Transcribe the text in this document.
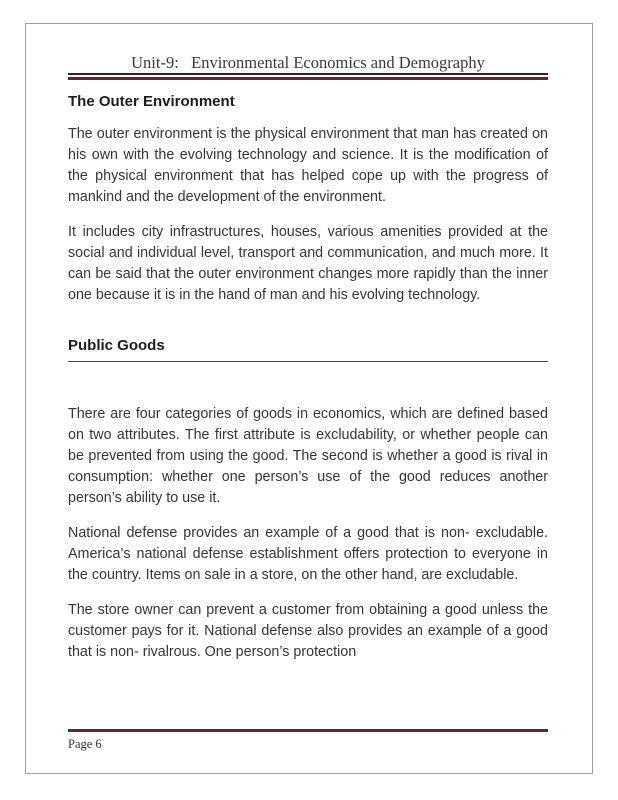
Unit-9:   Environmental Economics and Demography
The Outer Environment

The outer environment is the physical environment that man has created on his own with the evolving technology and science. It is the modification of the physical environment that has helped cope up with the progress of mankind and the development of the environment.

It includes city infrastructures, houses, various amenities provided at the social and individual level, transport and communication, and much more. It can be said that the outer environment changes more rapidly than the inner one because it is in the hand of man and his evolving technology.

Public Goods

There are four categories of goods in economics, which are defined based on two attributes. The first attribute is excludability, or whether people can be prevented from using the good. The second is whether a good is rival in consumption: whether one person’s use of the good reduces another person’s ability to use it.

National defense provides an example of a good that is non- excludable. America’s national defense establishment offers protection to everyone in the country. Items on sale in a store, on the other hand, are excludable.

The store owner can prevent a customer from obtaining a good unless the customer pays for it. National defense also provides an example of a good that is non- rivalrous. One person’s protection

Page 6
